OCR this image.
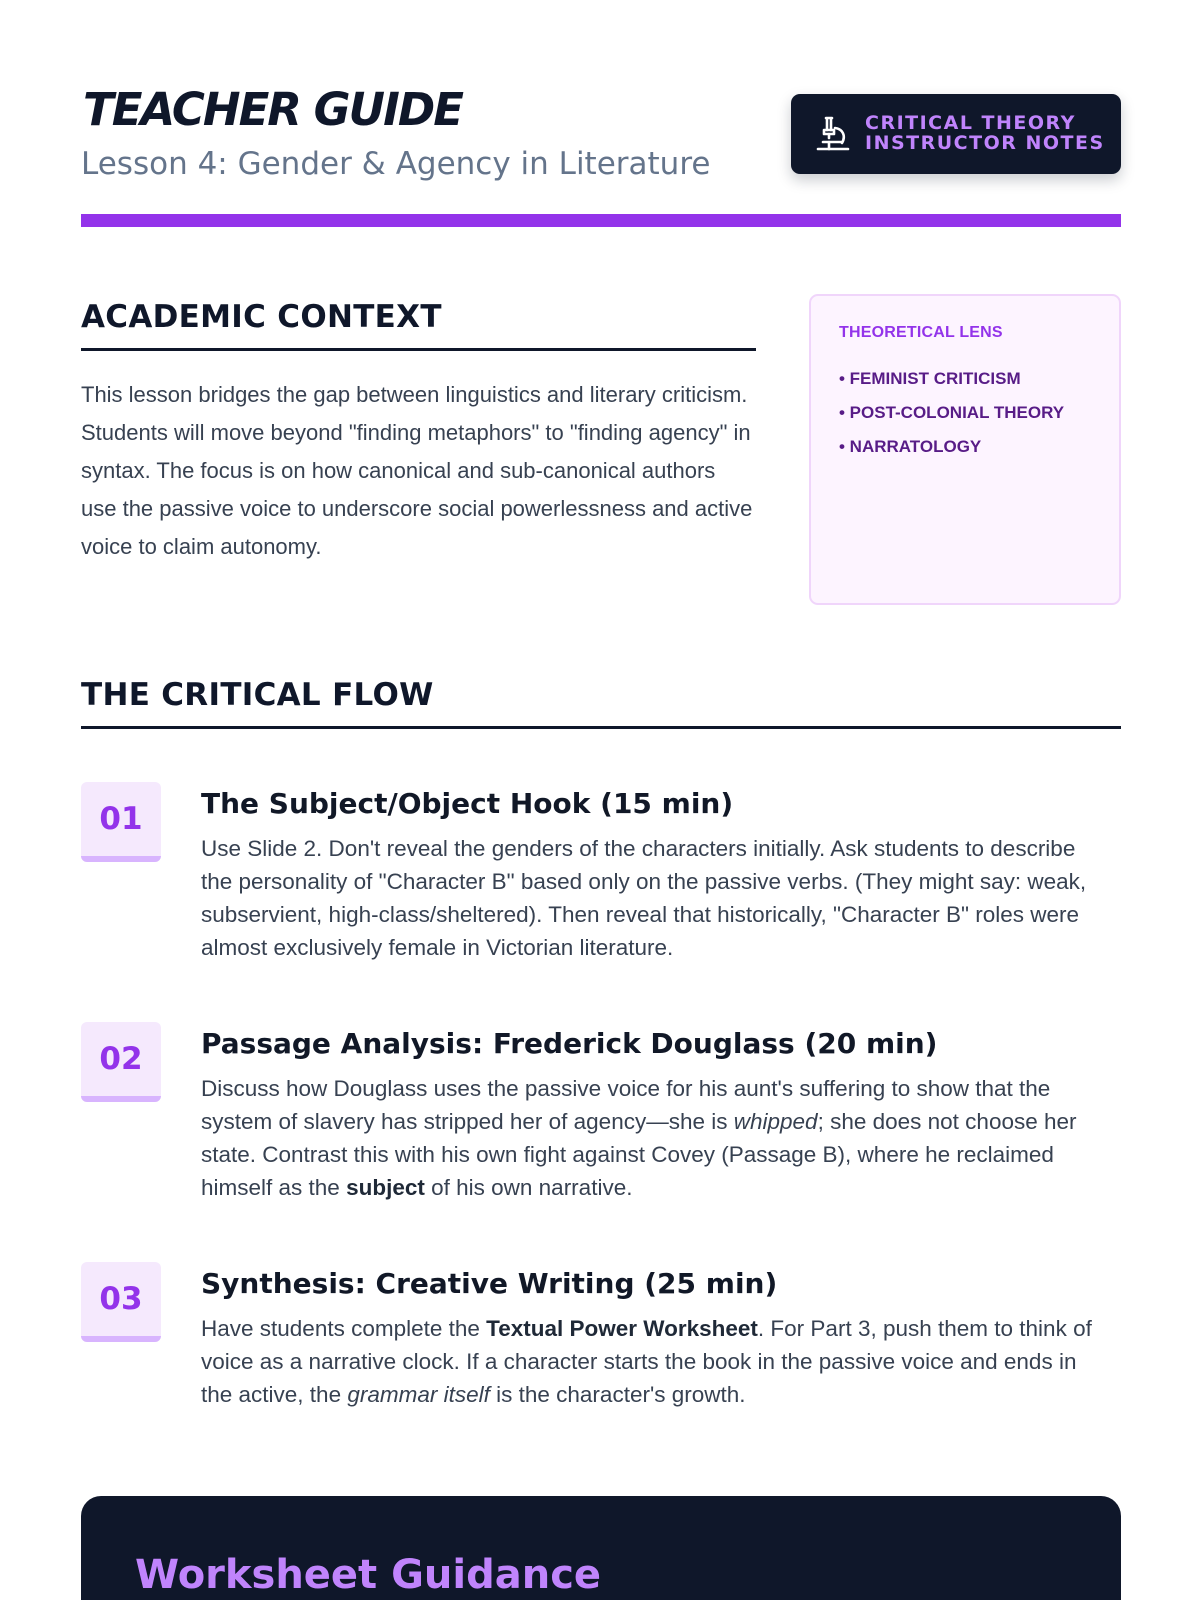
TEACHER GUIDE
Lesson 4: Gender & Agency in Literature
CRITICAL THEORY
INSTRUCTOR NOTES
ACADEMIC CONTEXT

This lesson bridges the gap between linguistics and literary criticism. Students will move beyond "finding metaphors" to "finding agency" in syntax. The focus is on how canonical and sub-canonical authors use the passive voice to underscore social powerlessness and active voice to claim autonomy.

THEORETICAL LENS
• FEMINIST CRITICISM
• POST-COLONIAL THEORY
• NARRATOLOGY
THE CRITICAL FLOW
01	The Subject/Object Hook (15 min)

Use Slide 2. Don't reveal the genders of the characters initially. Ask students to describe the personality of "Character B" based only on the passive verbs. (They might say: weak, subservient, high-class/sheltered). Then reveal that historically, "Character B" roles were almost exclusively female in Victorian literature.

02	Passage Analysis: Frederick Douglass (20 min)

Discuss how Douglass uses the passive voice for his aunt's suffering to show that the system of slavery has stripped her of agency—she is whipped; she does not choose her state. Contrast this with his own fight against Covey (Passage B), where he reclaimed himself as the subject of his own narrative.

03	Synthesis: Creative Writing (25 min)

Have students complete the Textual Power Worksheet. For Part 3, push them to think of voice as a narrative clock. If a character starts the book in the passive voice and ends in the active, the grammar itself is the character's growth.

Worksheet Guidance
